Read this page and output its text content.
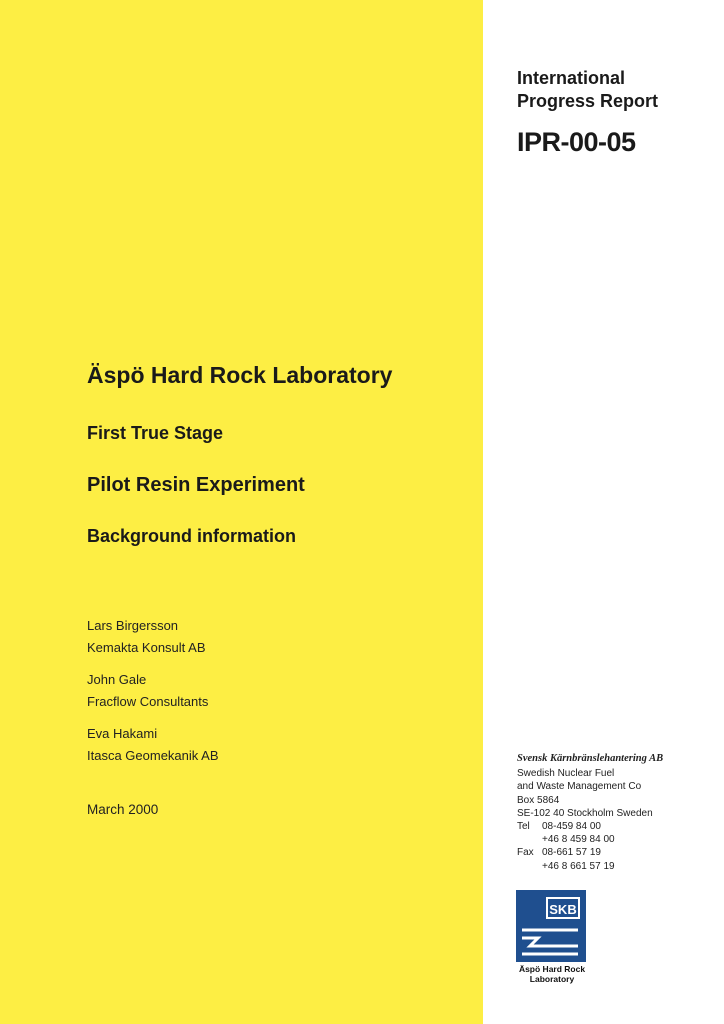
International
Progress Report
IPR-00-05
Äspö Hard Rock Laboratory
First True Stage
Pilot Resin Experiment
Background information
Lars Birgersson
Kemakta Konsult AB
John Gale
Fracflow Consultants
Eva Hakami
Itasca Geomekanik AB
March 2000
Svensk Kärnbränslehantering AB
Swedish Nuclear Fuel
and Waste Management Co
Box 5864
SE-102 40 Stockholm Sweden
Tel	08-459 84 00
+46 8 459 84 00
Fax 08-661 57 19
+46 8 661 57 19
SKB
Äspö Hard Rock
Laboratory
